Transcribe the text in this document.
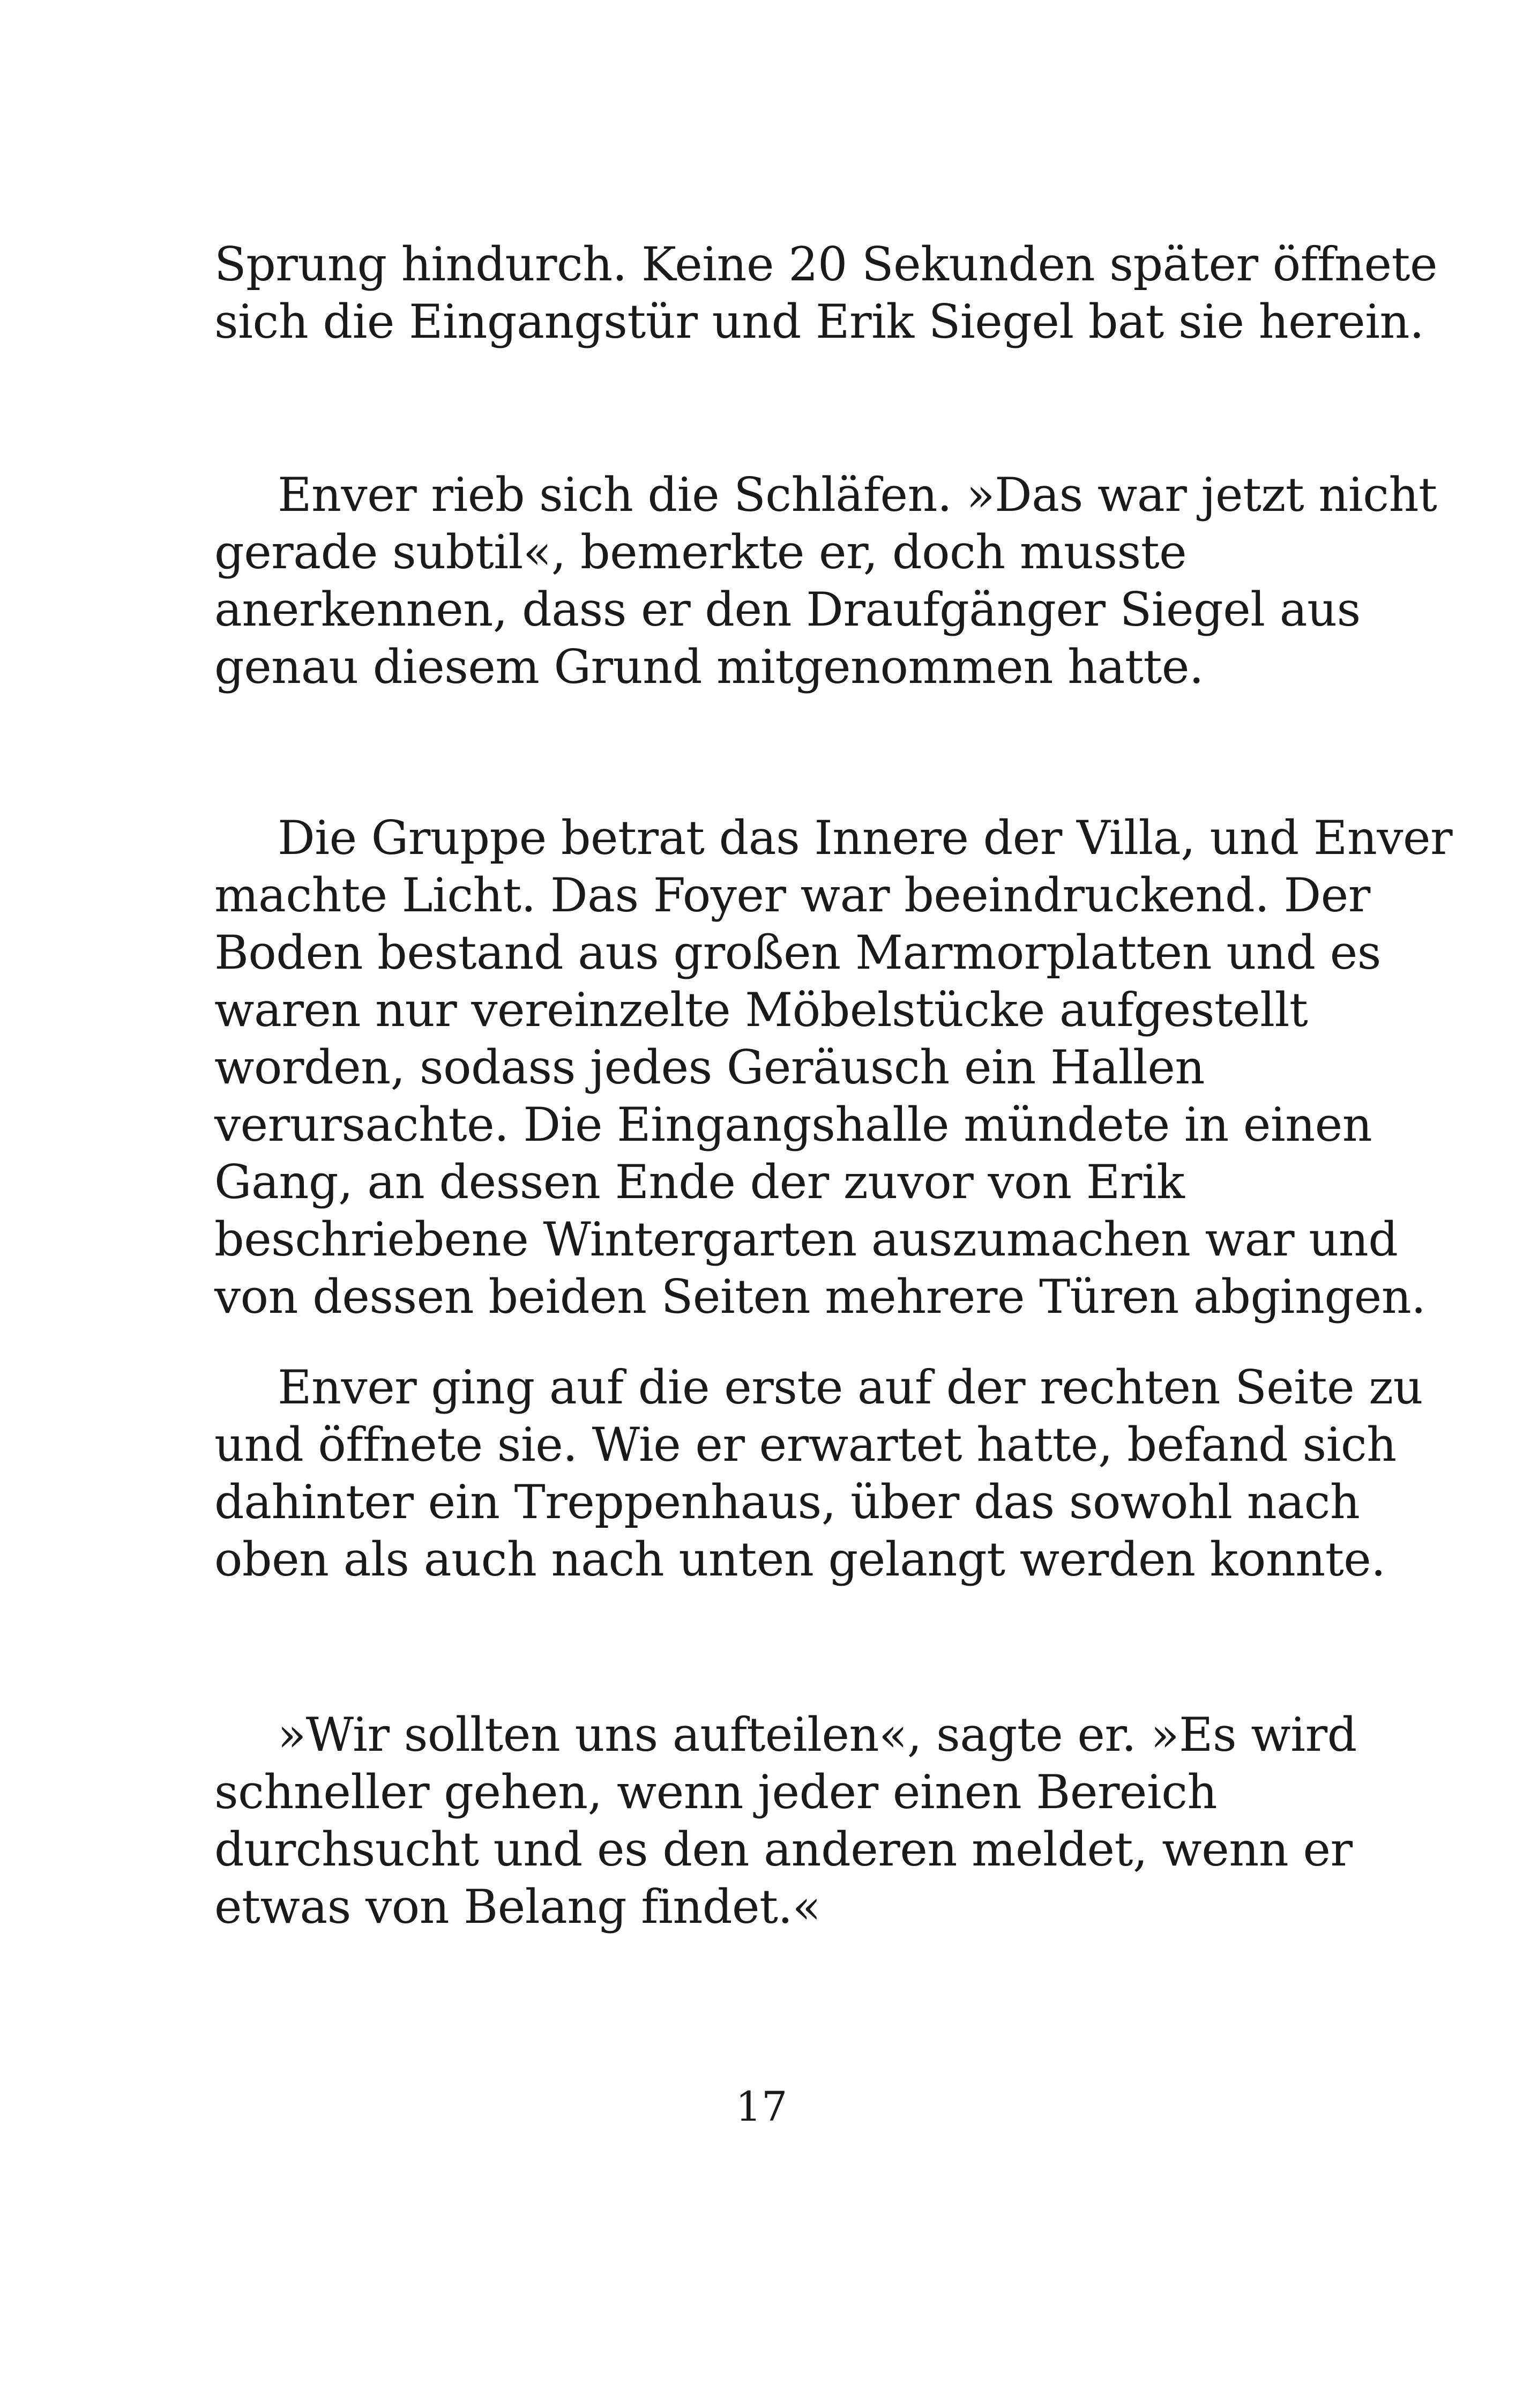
Sprung hindurch. Keine 20 Sekunden später öffnete
sich die Eingangstür und Erik Siegel bat sie herein.
Enver rieb sich die Schläfen. »Das war jetzt nicht
gerade subtil«, bemerkte er, doch musste
anerkennen, dass er den Draufgänger Siegel aus
genau diesem Grund mitgenommen hatte.
Die Gruppe betrat das Innere der Villa, und Enver
machte Licht. Das Foyer war beeindruckend. Der
Boden bestand aus großen Marmorplatten und es
waren nur vereinzelte Möbelstücke aufgestellt
worden, sodass jedes Geräusch ein Hallen
verursachte. Die Eingangshalle mündete in einen
Gang, an dessen Ende der zuvor von Erik
beschriebene Wintergarten auszumachen war und
von dessen beiden Seiten mehrere Türen abgingen.
Enver ging auf die erste auf der rechten Seite zu
und öffnete sie. Wie er erwartet hatte, befand sich
dahinter ein Treppenhaus, über das sowohl nach
oben als auch nach unten gelangt werden konnte.
»Wir sollten uns aufteilen«, sagte er. »Es wird
schneller gehen, wenn jeder einen Bereich
durchsucht und es den anderen meldet, wenn er
etwas von Belang findet.«
17
